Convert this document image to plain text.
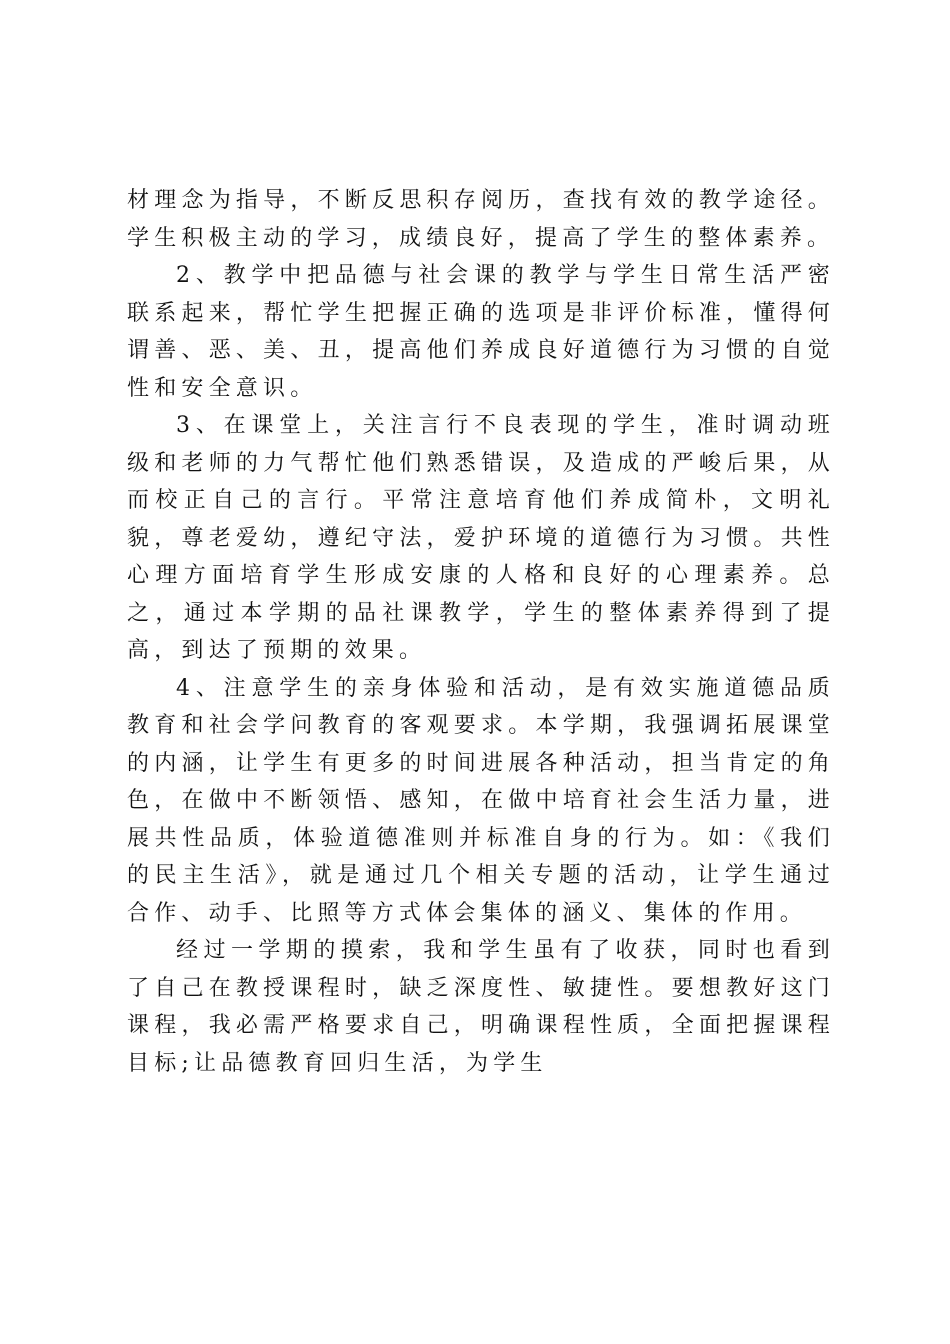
材理念为指导，不断反思积存阅历，查找有效的教学途径。学生积极主动的学习，成绩良好，提高了学生的整体素养。

2、教学中把品德与社会课的教学与学生日常生活严密联系起来，帮忙学生把握正确的选项是非评价标准，懂得何谓善、恶、美、丑，提高他们养成良好道德行为习惯的自觉性和安全意识。

3、在课堂上，关注言行不良表现的学生，准时调动班级和老师的力气帮忙他们熟悉错误，及造成的严峻后果，从而校正自己的言行。平常注意培育他们养成简朴，文明礼貌，尊老爱幼，遵纪守法，爱护环境的道德行为习惯。共性心理方面培育学生形成安康的人格和良好的心理素养。总之，通过本学期的品社课教学，学生的整体素养得到了提高，到达了预期的效果。

4、注意学生的亲身体验和活动，是有效实施道德品质教育和社会学问教育的客观要求。本学期，我强调拓展课堂的内涵，让学生有更多的时间进展各种活动，担当肯定的角色，在做中不断领悟、感知，在做中培育社会生活力量，进展共性品质，体验道德准则并标准自身的行为。如：《我们的民主生活》，就是通过几个相关专题的活动，让学生通过合作、动手、比照等方式体会集体的涵义、集体的作用。

经过一学期的摸索，我和学生虽有了收获，同时也看到了自己在教授课程时，缺乏深度性、敏捷性。要想教好这门课程，我必需严格要求自己，明确课程性质，全面把握课程目标;让品德教育回归生活，为学生
